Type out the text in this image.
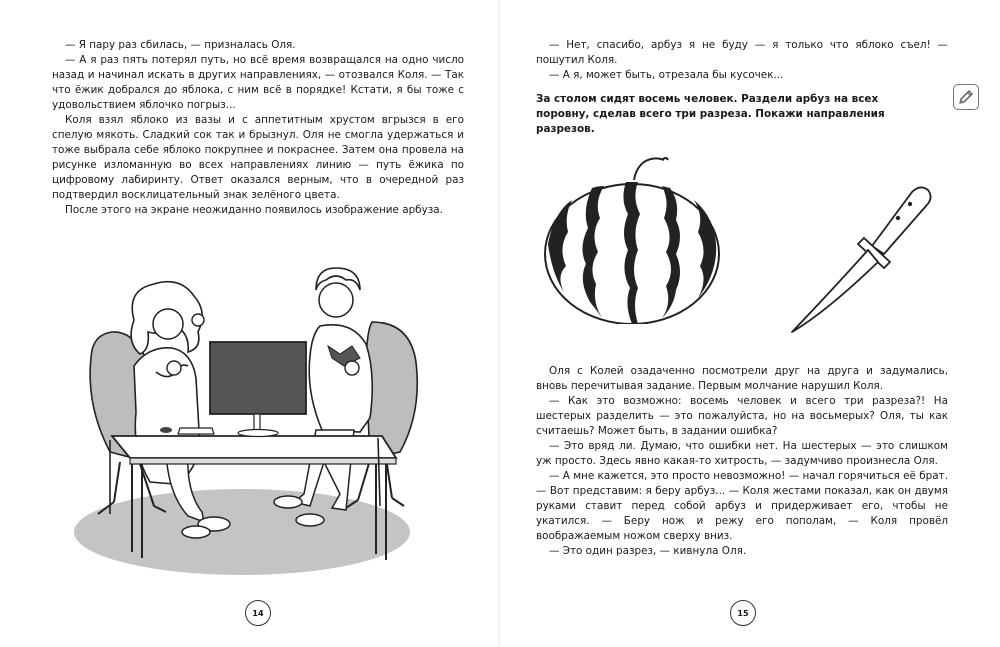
— Я пару раз сбилась, — призналась Оля.

— А я раз пять потерял путь, но всё время возвращался на одно число назад и начинал искать в других направлениях, — отозвался Коля. — Так что ёжик добрался до яблока, с ним всё в порядке! Кстати, я бы тоже с удовольствием яблочко погрыз...

Коля взял яблоко из вазы и с аппетитным хрустом вгрызся в его спелую мякоть. Сладкий сок так и брызнул. Оля не смогла удержаться и тоже выбрала себе яблоко покрупнее и покраснее. Затем она провела на рисунке изломанную во всех направлениях линию — путь ёжика по цифровому лабиринту. Ответ оказался верным, что в очередной раз подтвердил восклицательный знак зелёного цвета.

После этого на экране неожиданно появилось изображение арбуза.

14

— Нет, спасибо, арбуз я не буду — я только что яблоко съел! — пошутил Коля.

— А я, может быть, отрезала бы кусочек...

За столом сидят восемь человек. Раздели арбуз на всех поровну, сделав всего три разреза. Покажи направления разрезов.

Оля с Колей озадаченно посмотрели друг на друга и задумались, вновь перечитывая задание. Первым молчание нарушил Коля.

— Как это возможно: восемь человек и всего три разреза?! На шестерых разделить — это пожалуйста, но на восьмерых? Оля, ты как считаешь? Может быть, в задании ошибка?

— Это вряд ли. Думаю, что ошибки нет. На шестерых — это слишком уж просто. Здесь явно какая-то хитрость, — задумчиво произнесла Оля.

— А мне кажется, это просто невозможно! — начал горячиться её брат. — Вот представим: я беру арбуз... — Коля жестами показал, как он двумя руками ставит перед собой арбуз и придерживает его, чтобы не укатился. — Беру нож и режу его пополам, — Коля провёл воображаемым ножом сверху вниз.

— Это один разрез, — кивнула Оля.

15
